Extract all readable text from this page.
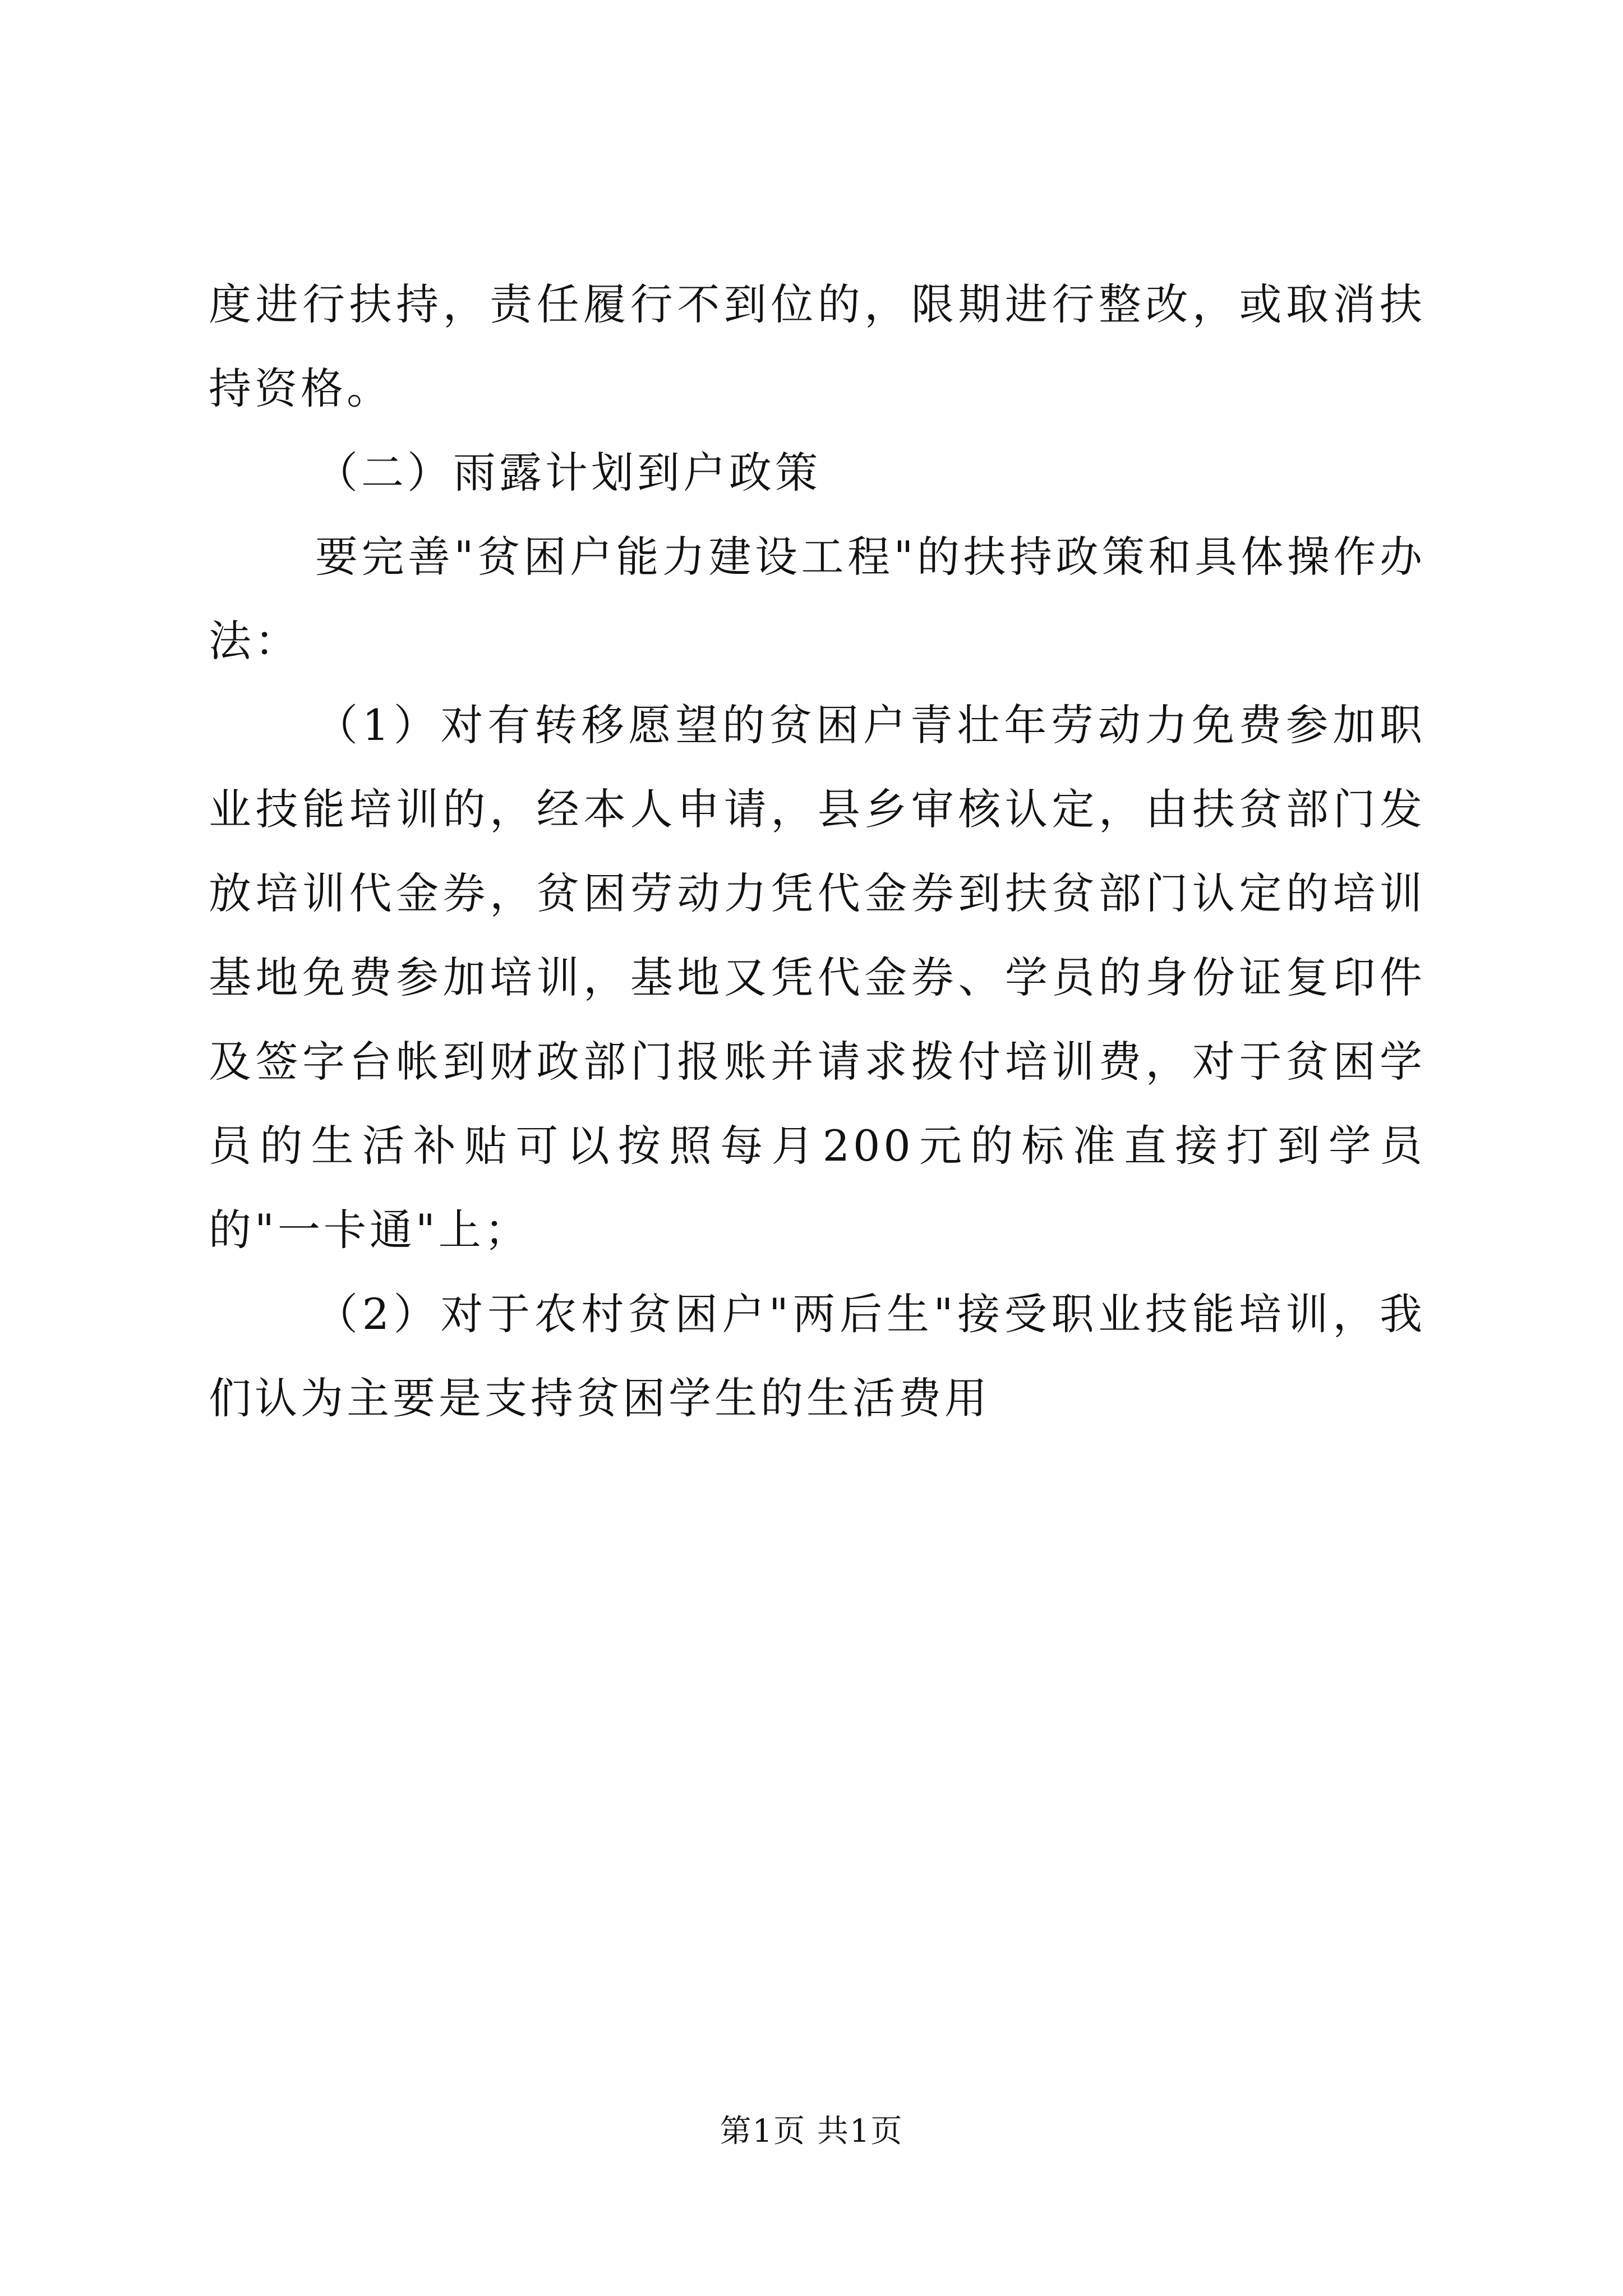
度进行扶持，责任履行不到位的，限期进行整改，或取消扶持资格。

（二）雨露计划到户政策

要完善"贫困户能力建设工程"的扶持政策和具体操作办法：

（1）对有转移愿望的贫困户青壮年劳动力免费参加职业技能培训的，经本人申请，县乡审核认定，由扶贫部门发放培训代金券，贫困劳动力凭代金券到扶贫部门认定的培训基地免费参加培训，基地又凭代金券、学员的身份证复印件及签字台帐到财政部门报账并请求拨付培训费，对于贫困学员的生活补贴可以按照每月200元的标准直接打到学员的"一卡通"上；

（2）对于农村贫困户"两后生"接受职业技能培训，我们认为主要是支持贫困学生的生活费用

第1页 共1页
